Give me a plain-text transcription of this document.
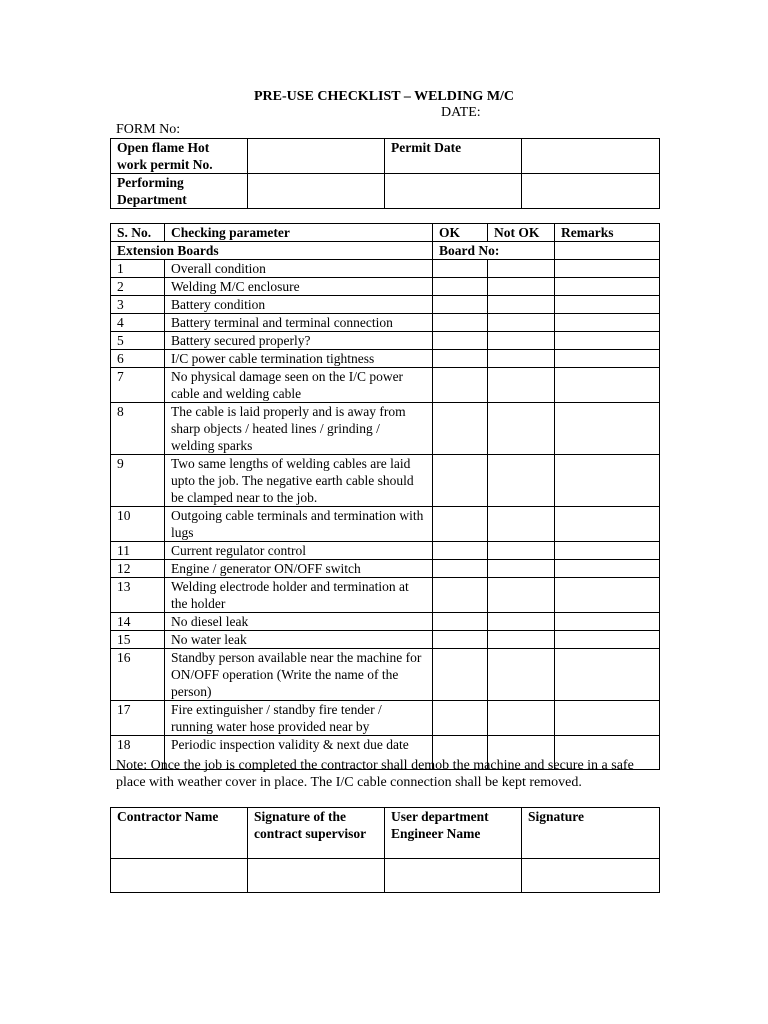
PRE-USE CHECKLIST – WELDING M/C
DATE:
FORM No:
Open flame Hot work permit No.		Permit Date	
Performing Department			
S. No.	Checking parameter	OK	Not OK	Remarks
Extension Boards		Board No:		
1	Overall condition			
2	Welding M/C enclosure			
3	Battery condition			
4	Battery terminal and terminal connection			
5	Battery secured properly?			
6	I/C power cable termination tightness			
7	No physical damage seen on the I/C power cable and welding cable			
8	The cable is laid properly and is away from sharp objects / heated lines / grinding / welding sparks			
9	Two same lengths of welding cables are laid upto the job. The negative earth cable should be clamped near to the job.			
10	Outgoing cable terminals and termination with lugs			
11	Current regulator control			
12	Engine / generator ON/OFF switch			
13	Welding electrode holder and termination at the holder			
14	No diesel leak			
15	No water leak			
16	Standby person available near the machine for ON/OFF operation (Write the name of the person)			
17	Fire extinguisher / standby fire tender / running water hose provided near by			
18	Periodic inspection validity & next due date			
Note: Once the job is completed the contractor shall demob the machine and secure in a safe place with weather cover in place. The I/C cable connection shall be kept removed.
Contractor Name	Signature of the contract supervisor	User department Engineer Name	Signature
